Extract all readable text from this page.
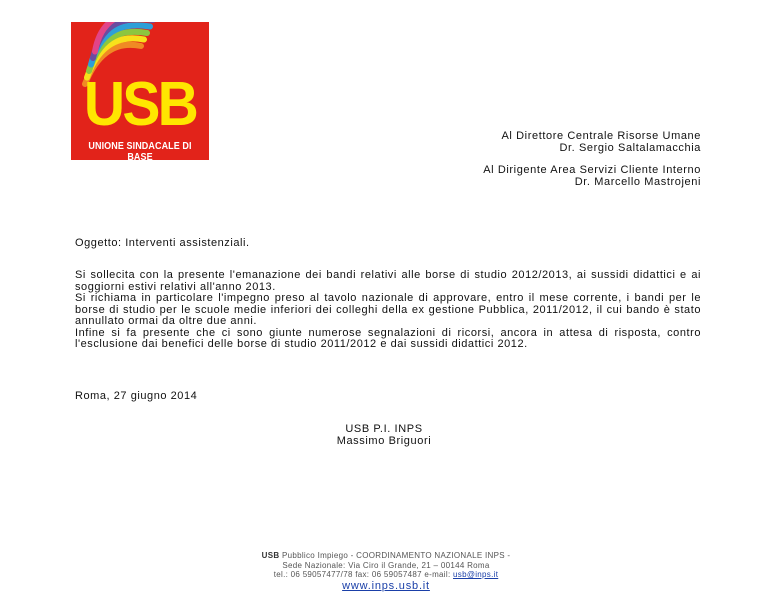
USB
UNIONE SINDACALE DI BASE
Al Direttore Centrale Risorse Umane
Dr. Sergio Saltalamacchia
Al Dirigente Area Servizi Cliente Interno
Dr. Marcello Mastrojeni
Oggetto: Interventi assistenziali.

Si sollecita con la presente l'emanazione dei bandi relativi alle borse di studio 2012/2013, ai sussidi didattici e ai soggiorni estivi relativi all'anno 2013.

Si richiama in particolare l'impegno preso al tavolo nazionale di approvare, entro il mese corrente, i bandi per le borse di studio per le scuole medie inferiori dei colleghi della ex gestione Pubblica, 2011/2012, il cui bando è stato annullato ormai da oltre due anni.

Infine si fa presente che ci sono giunte numerose segnalazioni di ricorsi, ancora in attesa di risposta, contro l'esclusione dai benefici delle borse di studio 2011/2012 e dai sussidi didattici 2012.

Roma, 27 giugno 2014
USB P.I. INPS
Massimo Briguori
USB Pubblico Impiego - COORDINAMENTO NAZIONALE INPS -
Sede Nazionale: Via Ciro il Grande, 21 – 00144 Roma
tel.: 06 59057477/78 fax: 06 59057487 e-mail: usb@inps.it
www.inps.usb.it
